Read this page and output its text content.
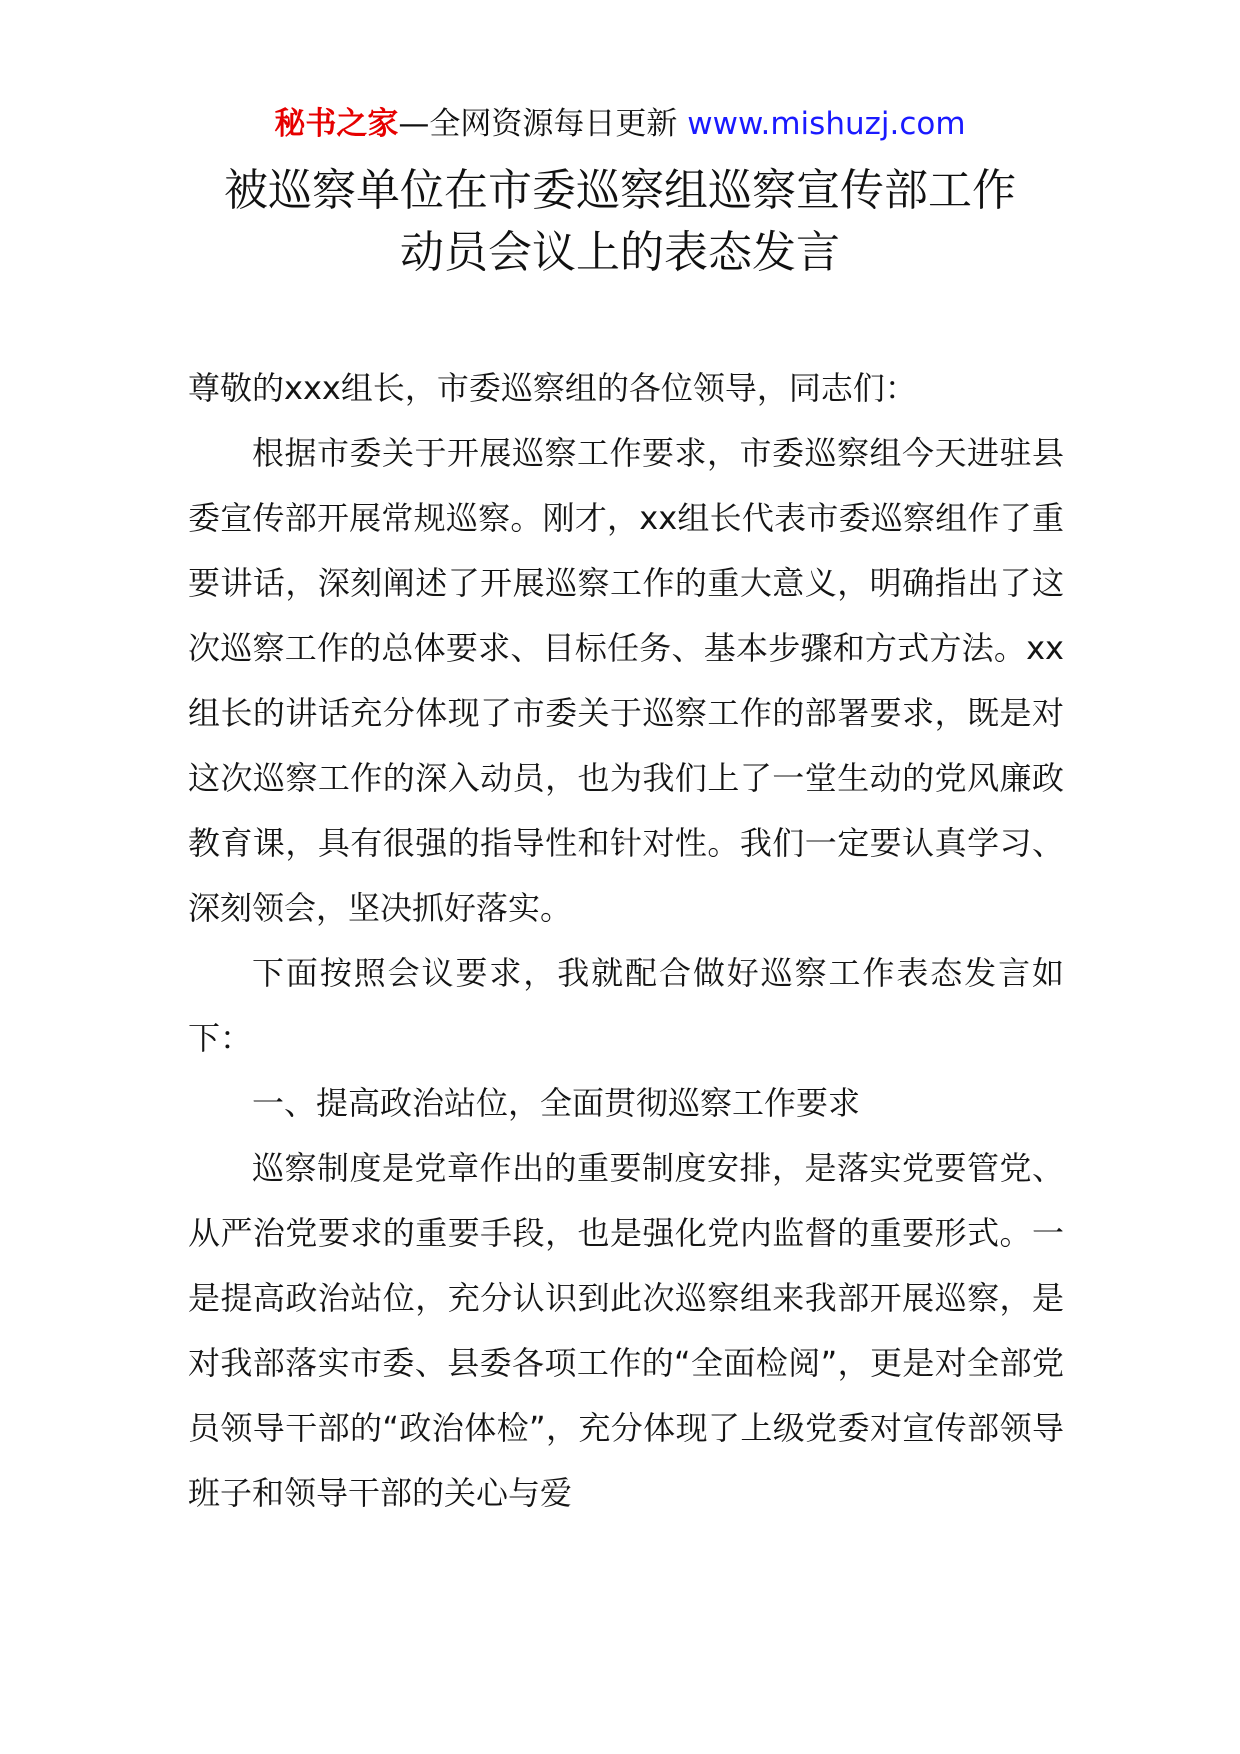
秘书之家—全网资源每日更新 www.mishuzj.com
被巡察单位在市委巡察组巡察宣传部工作
动员会议上的表态发言

尊敬的xxx组长，市委巡察组的各位领导，同志们：

根据市委关于开展巡察工作要求，市委巡察组今天进驻县委宣传部开展常规巡察。刚才，xx组长代表市委巡察组作了重要讲话，深刻阐述了开展巡察工作的重大意义，明确指出了这次巡察工作的总体要求、目标任务、基本步骤和方式方法。xx组长的讲话充分体现了市委关于巡察工作的部署要求，既是对这次巡察工作的深入动员，也为我们上了一堂生动的党风廉政教育课，具有很强的指导性和针对性。我们一定要认真学习、深刻领会，坚决抓好落实。

下面按照会议要求，我就配合做好巡察工作表态发言如下：

一、提高政治站位，全面贯彻巡察工作要求

巡察制度是党章作出的重要制度安排，是落实党要管党、从严治党要求的重要手段，也是强化党内监督的重要形式。一是提高政治站位，充分认识到此次巡察组来我部开展巡察，是对我部落实市委、县委各项工作的“全面检阅”，更是对全部党员领导干部的“政治体检”，充分体现了上级党委对宣传部领导班子和领导干部的关心与爱
